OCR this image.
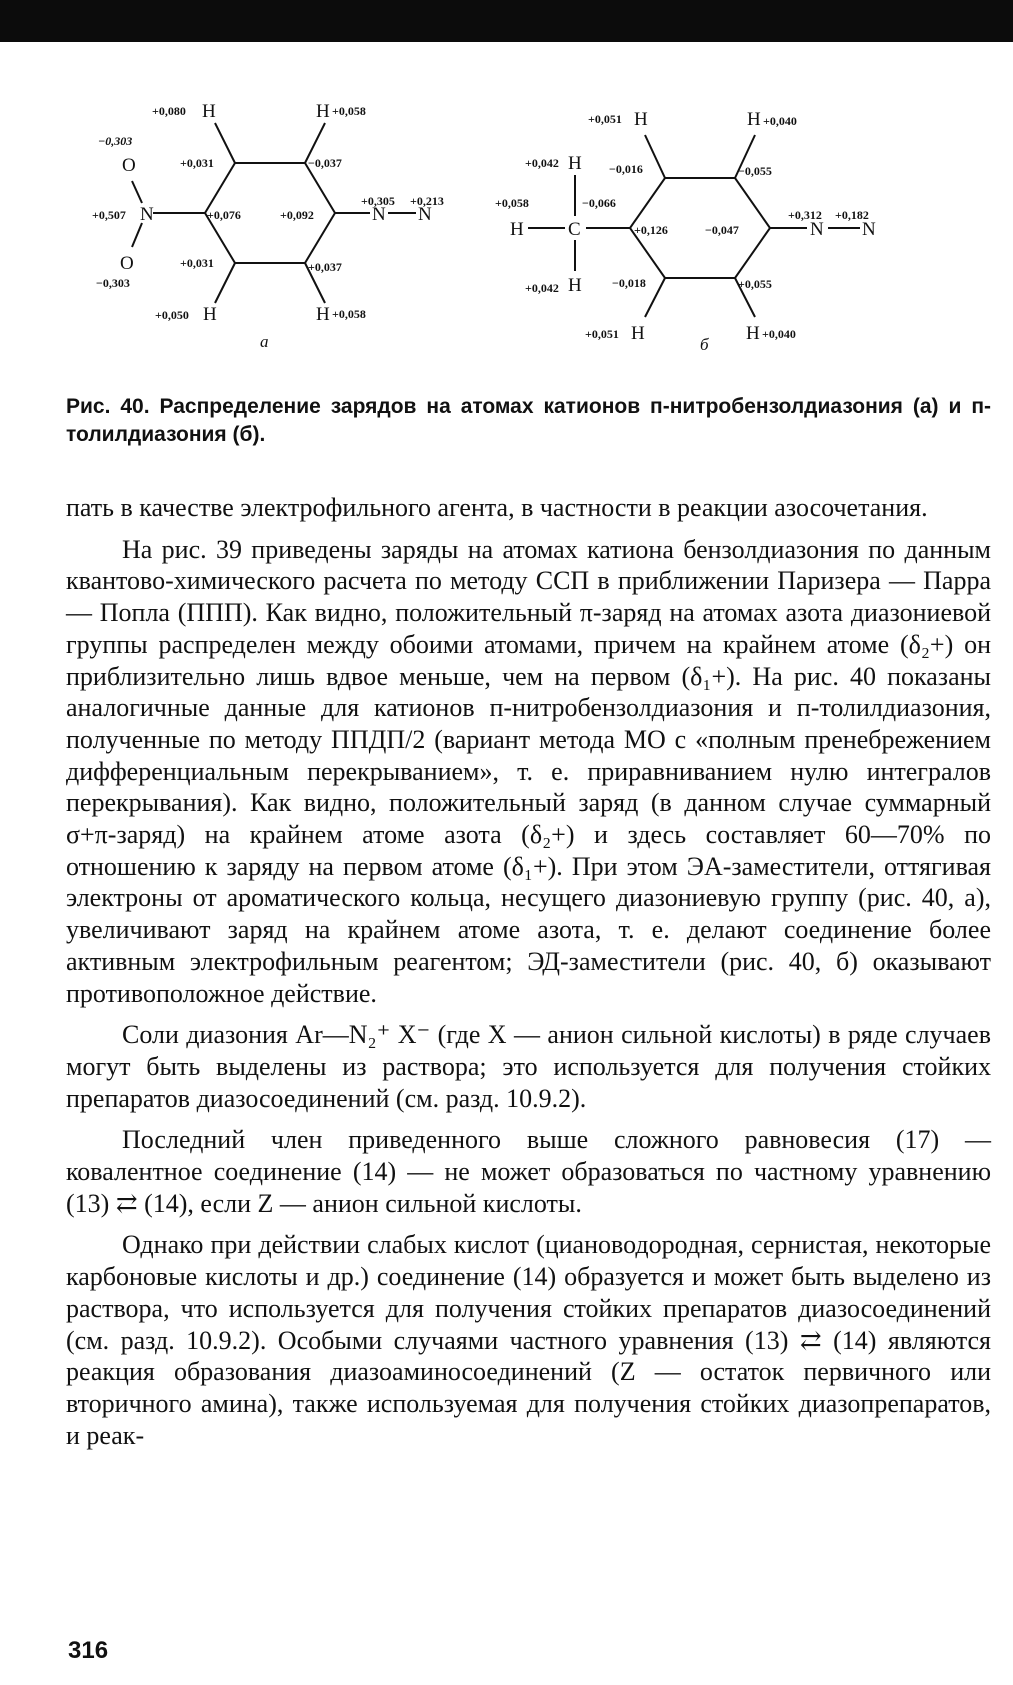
+0,080 H	H +0,058
−0,303
O	+0,031	−0,037
+0,507 N	+0,076	+0,092
+0,305
N
+0,213
N
O
−0,303
+0,031	+0,037
+0,050 H	H +0,058
а
+0,051 H	H +0,040
+0,042 H −0,016	−0,055
+0,058	−0,066
H C	+0,126	−0,047
+0,312
N
+0,182
N
+0,042 H	−0,018	+0,055
+0,051 H	H +0,040
б
Рис. 40. Распределение зарядов на атомах катионов п-нитробензолдиазония (а) и п-толилдиазония (б).

пать в качестве электрофильного агента, в частности в реакции азосочетания.

На рис. 39 приведены заряды на атомах катиона бензолдиазония по данным квантово-химического расчета по методу ССП в приближении Паризера — Парра — Попла (ППП). Как видно, положительный π-заряд на атомах азота диазониевой группы распределен между обоими атомами, причем на крайнем атоме (δ₂+) он приблизительно лишь вдвое меньше, чем на первом (δ₁+). На рис. 40 показаны аналогичные данные для катионов п-нитробензолдиазония и п-толилдиазония, полученные по методу ППДП/2 (вариант метода МО с «полным пренебрежением дифференциальным перекрыванием», т. е. приравниванием нулю интегралов перекрывания). Как видно, положительный заряд (в данном случае суммарный σ+π-заряд) на крайнем атоме азота (δ₂+) и здесь составляет 60—70% по отношению к заряду на первом атоме (δ₁+). При этом ЭА-заместители, оттягивая электроны от ароматического кольца, несущего диазониевую группу (рис. 40, а), увеличивают заряд на крайнем атоме азота, т. е. делают соединение более активным электрофильным реагентом; ЭД-заместители (рис. 40, б) оказывают противоположное действие.

Соли диазония Ar—N₂⁺ X⁻ (где X — анион сильной кислоты) в ряде случаев могут быть выделены из раствора; это используется для получения стойких препаратов диазосоединений (см. разд. 10.9.2).

Последний член приведенного выше сложного равновесия (17) — ковалентное соединение (14) — не может образоваться по частному уравнению (13) ⇄ (14), если Z — анион сильной кислоты.

Однако при действии слабых кислот (циановодородная, сернистая, некоторые карбоновые кислоты и др.) соединение (14) образуется и может быть выделено из раствора, что используется для получения стойких препаратов диазосоединений (см. разд. 10.9.2). Особыми случаями частного уравнения (13) ⇄ (14) являются реакция образования диазоаминосоединений (Z — остаток первичного или вторичного амина), также используемая для получения стойких диазопрепаратов, и реак-

316
